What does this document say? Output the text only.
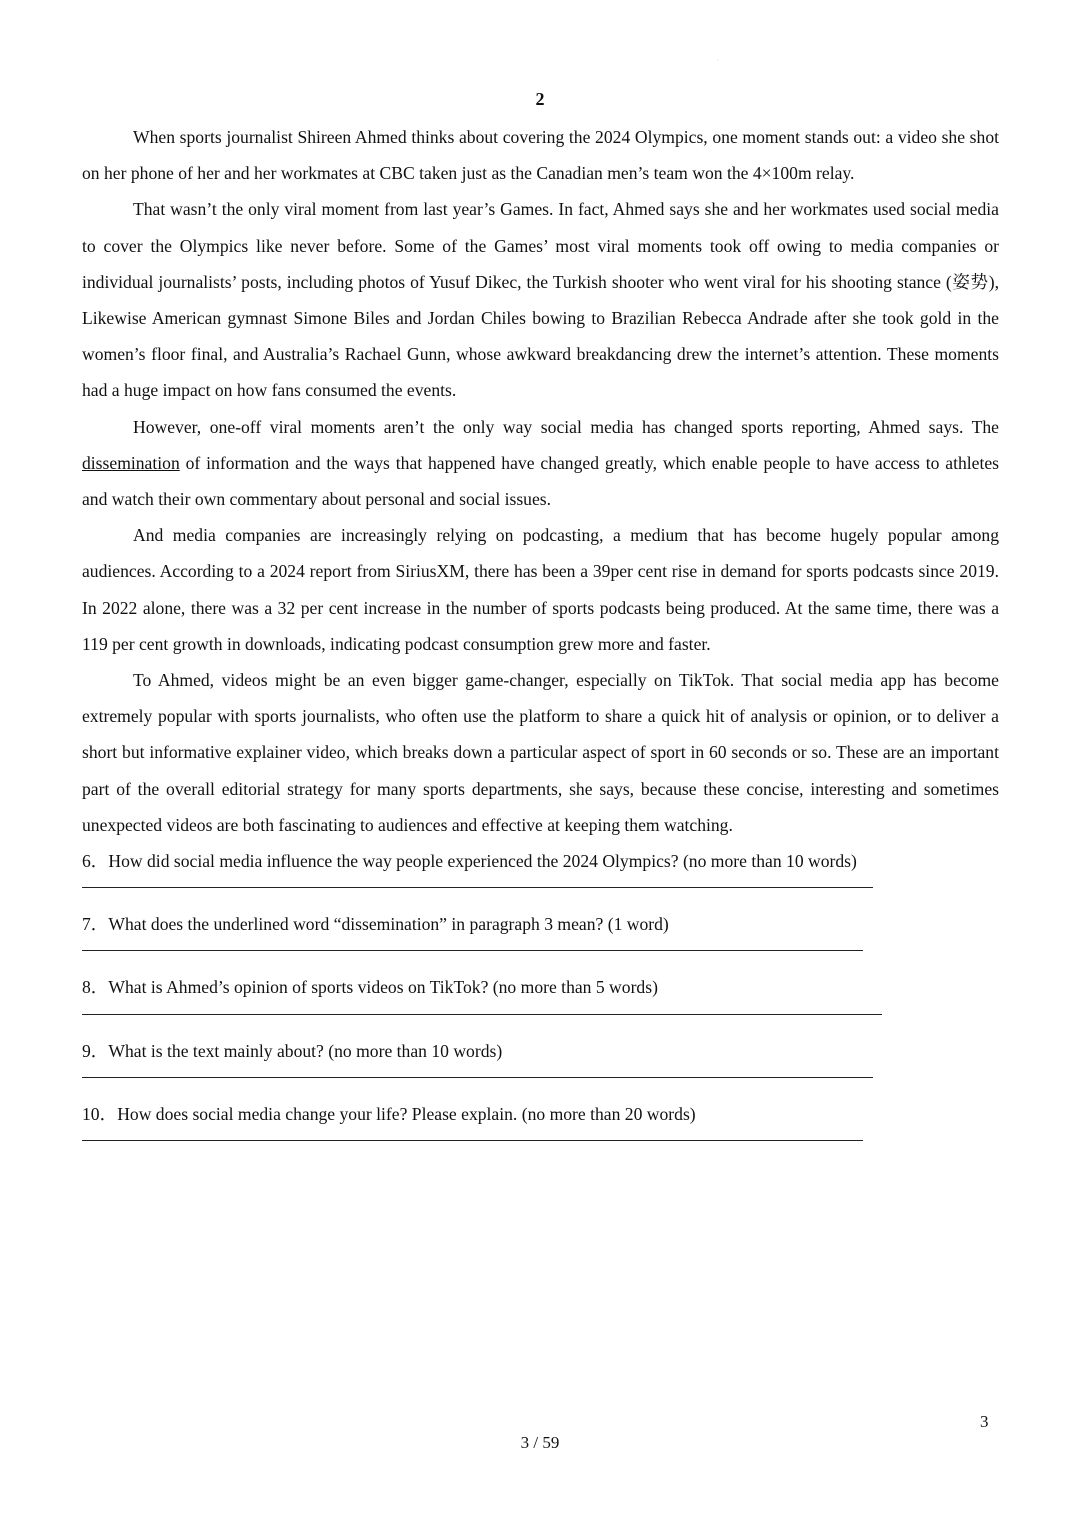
·
2

When sports journalist Shireen Ahmed thinks about covering the 2024 Olympics, one moment stands out: a video she shot on her phone of her and her workmates at CBC taken just as the Canadian men’s team won the 4×100m relay.

That wasn’t the only viral moment from last year’s Games. In fact, Ahmed says she and her workmates used social media to cover the Olympics like never before. Some of the Games’ most viral moments took off owing to media companies or individual journalists’ posts, including photos of Yusuf Dikec, the Turkish shooter who went viral for his shooting stance (姿势), Likewise American gymnast Simone Biles and Jordan Chiles bowing to Brazilian Rebecca Andrade after she took gold in the women’s floor final, and Australia’s Rachael Gunn, whose awkward breakdancing drew the internet’s attention. These moments had a huge impact on how fans consumed the events.

However, one-off viral moments aren’t the only way social media has changed sports reporting, Ahmed says. The dissemination of information and the ways that happened have changed greatly, which enable people to have access to athletes and watch their own commentary about personal and social issues.

And media companies are increasingly relying on podcasting, a medium that has become hugely popular among audiences. According to a 2024 report from SiriusXM, there has been a 39per cent rise in demand for sports podcasts since 2019. In 2022 alone, there was a 32 per cent increase in the number of sports podcasts being produced. At the same time, there was a 119 per cent growth in downloads, indicating podcast consumption grew more and faster.

To Ahmed, videos might be an even bigger game-changer, especially on TikTok. That social media app has become extremely popular with sports journalists, who often use the platform to share a quick hit of analysis or opinion, or to deliver a short but informative explainer video, which breaks down a particular aspect of sport in 60 seconds or so. These are an important part of the overall editorial strategy for many sports departments, she says, because these concise, interesting and sometimes unexpected videos are both fascinating to audiences and effective at keeping them watching.

6．How did social media influence the way people experienced the 2024 Olympics? (no more than 10 words)

7．What does the underlined word “dissemination” in paragraph 3 mean? (1 word)

8．What is Ahmed’s opinion of sports videos on TikTok? (no more than 5 words)

9．What is the text mainly about? (no more than 10 words)

10．How does social media change your life? Please explain. (no more than 20 words)

3
3 / 59
